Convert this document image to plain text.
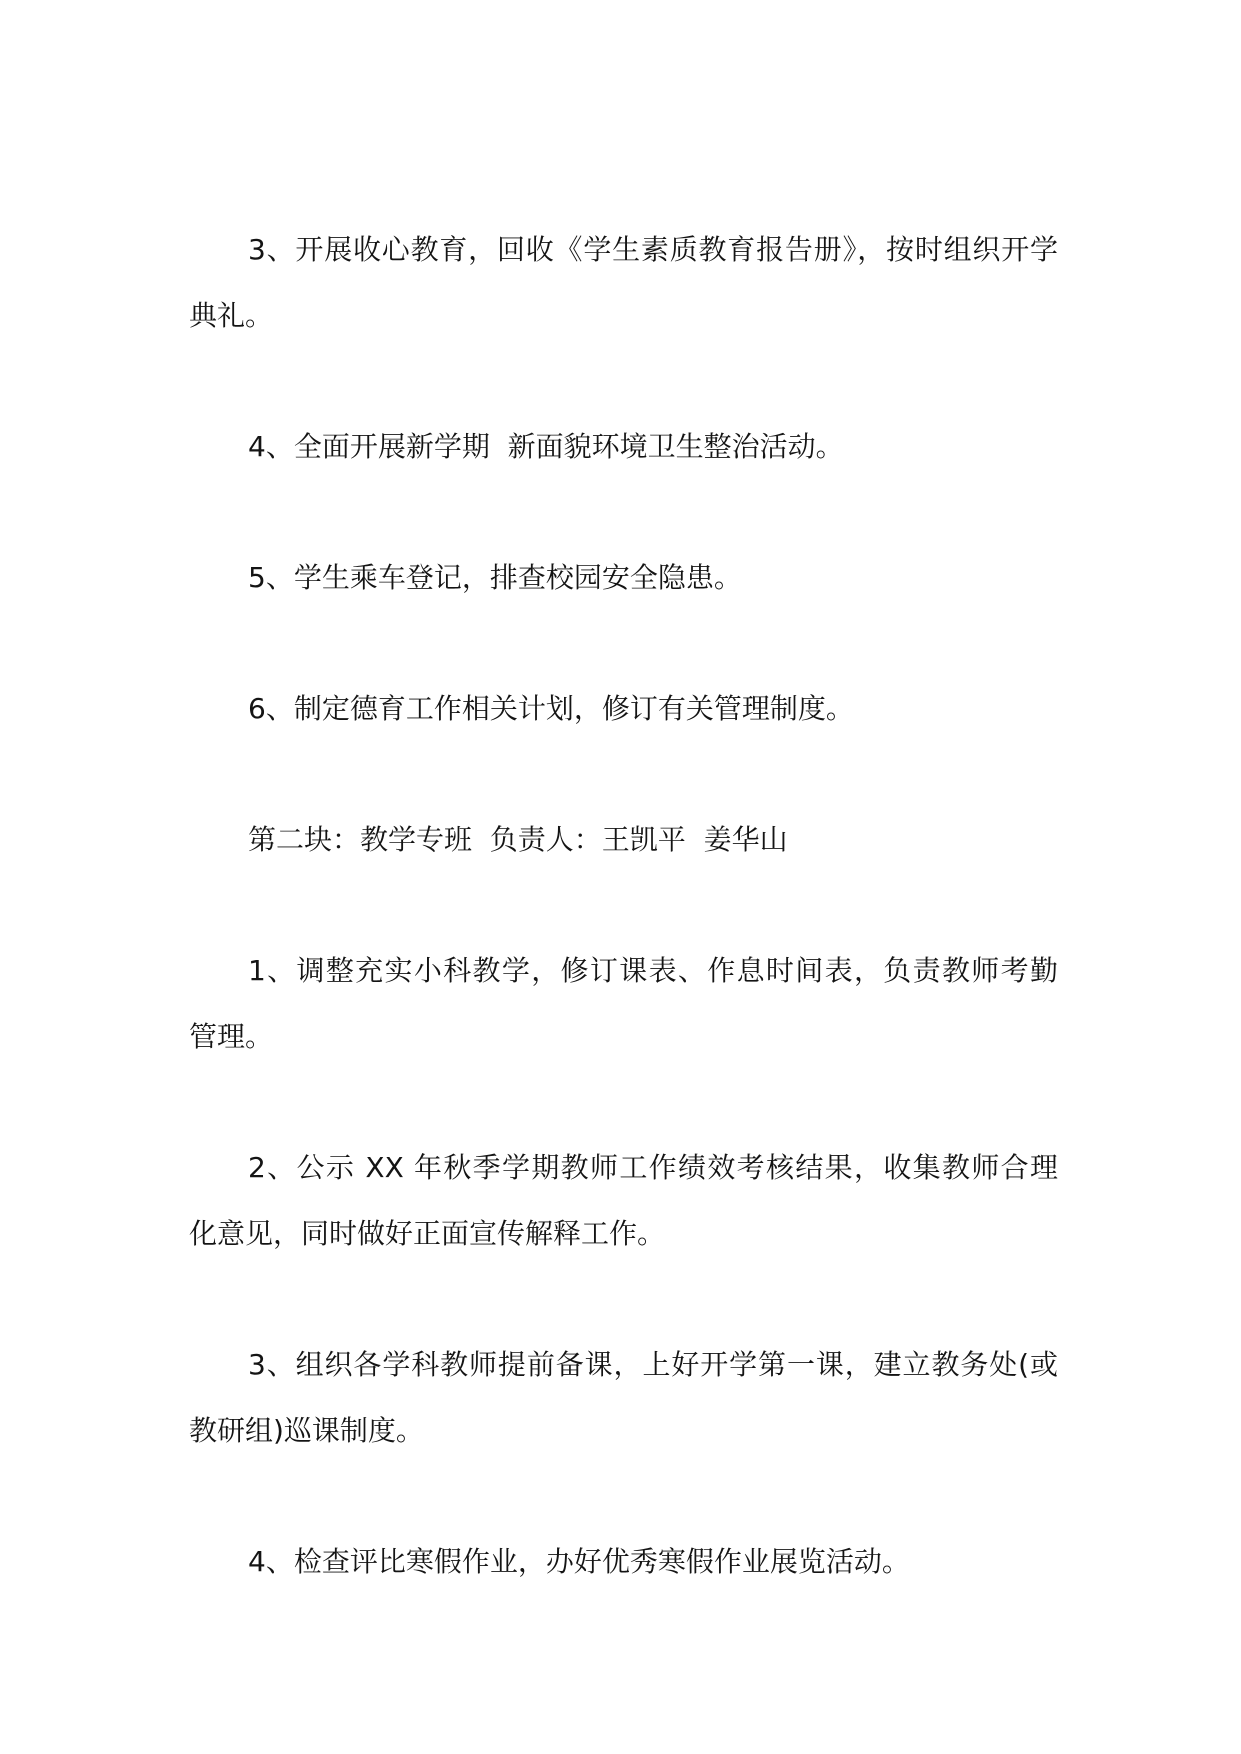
3、开展收心教育，回收《学生素质教育报告册》，按时组织开学
典礼。

4、全面开展新学期  新面貌环境卫生整治活动。

5、学生乘车登记，排查校园安全隐患。

6、制定德育工作相关计划，修订有关管理制度。

第二块：教学专班  负责人：王凯平  姜华山

1、调整充实小科教学，修订课表、作息时间表，负责教师考勤
管理。

2、公示 XX 年秋季学期教师工作绩效考核结果，收集教师合理
化意见，同时做好正面宣传解释工作。

3、组织各学科教师提前备课，上好开学第一课，建立教务处(或
教研组)巡课制度。

4、检查评比寒假作业，办好优秀寒假作业展览活动。
